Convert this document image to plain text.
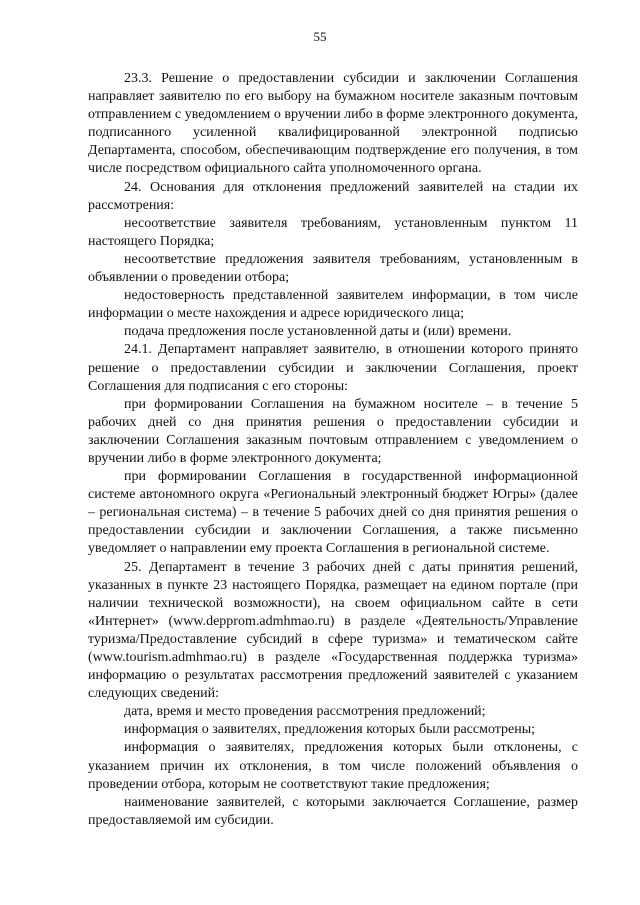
55

23.3. Решение о предоставлении субсидии и заключении Соглашения направляет заявителю по его выбору на бумажном носителе заказным почтовым отправлением с уведомлением о вручении либо в форме электронного документа, подписанного усиленной квалифицированной электронной подписью Департамента, способом, обеспечивающим подтверждение его получения, в том числе посредством официального сайта уполномоченного органа.

24. Основания для отклонения предложений заявителей на стадии их рассмотрения:

несоответствие заявителя требованиям, установленным пунктом 11 настоящего Порядка;

несоответствие предложения заявителя требованиям, установленным в объявлении о проведении отбора;

недостоверность представленной заявителем информации, в том числе информации о месте нахождения и адресе юридического лица;

подача предложения после установленной даты и (или) времени.

24.1. Департамент направляет заявителю, в отношении которого принято решение о предоставлении субсидии и заключении Соглашения, проект Соглашения для подписания с его стороны:

при формировании Соглашения на бумажном носителе – в течение 5 рабочих дней со дня принятия решения о предоставлении субсидии и заключении Соглашения заказным почтовым отправлением с уведомлением о вручении либо в форме электронного документа;

при формировании Соглашения в государственной информационной системе автономного округа «Региональный электронный бюджет Югры» (далее – региональная система) – в течение 5 рабочих дней со дня принятия решения о предоставлении субсидии и заключении Соглашения, а также письменно уведомляет о направлении ему проекта Соглашения в региональной системе.

25. Департамент в течение 3 рабочих дней с даты принятия решений, указанных в пункте 23 настоящего Порядка, размещает на едином портале (при наличии технической возможности), на своем официальном сайте в сети «Интернет» (www.depprom.admhmao.ru) в разделе «Деятельность/Управление туризма/Предоставление субсидий в сфере туризма» и тематическом сайте (www.tourism.admhmao.ru) в разделе «Государственная поддержка туризма» информацию о результатах рассмотрения предложений заявителей с указанием следующих сведений:

дата, время и место проведения рассмотрения предложений;

информация о заявителях, предложения которых были рассмотрены;

информация о заявителях, предложения которых были отклонены, с указанием причин их отклонения, в том числе положений объявления о проведении отбора, которым не соответствуют такие предложения;

наименование заявителей, с которыми заключается Соглашение, размер предоставляемой им субсидии.
